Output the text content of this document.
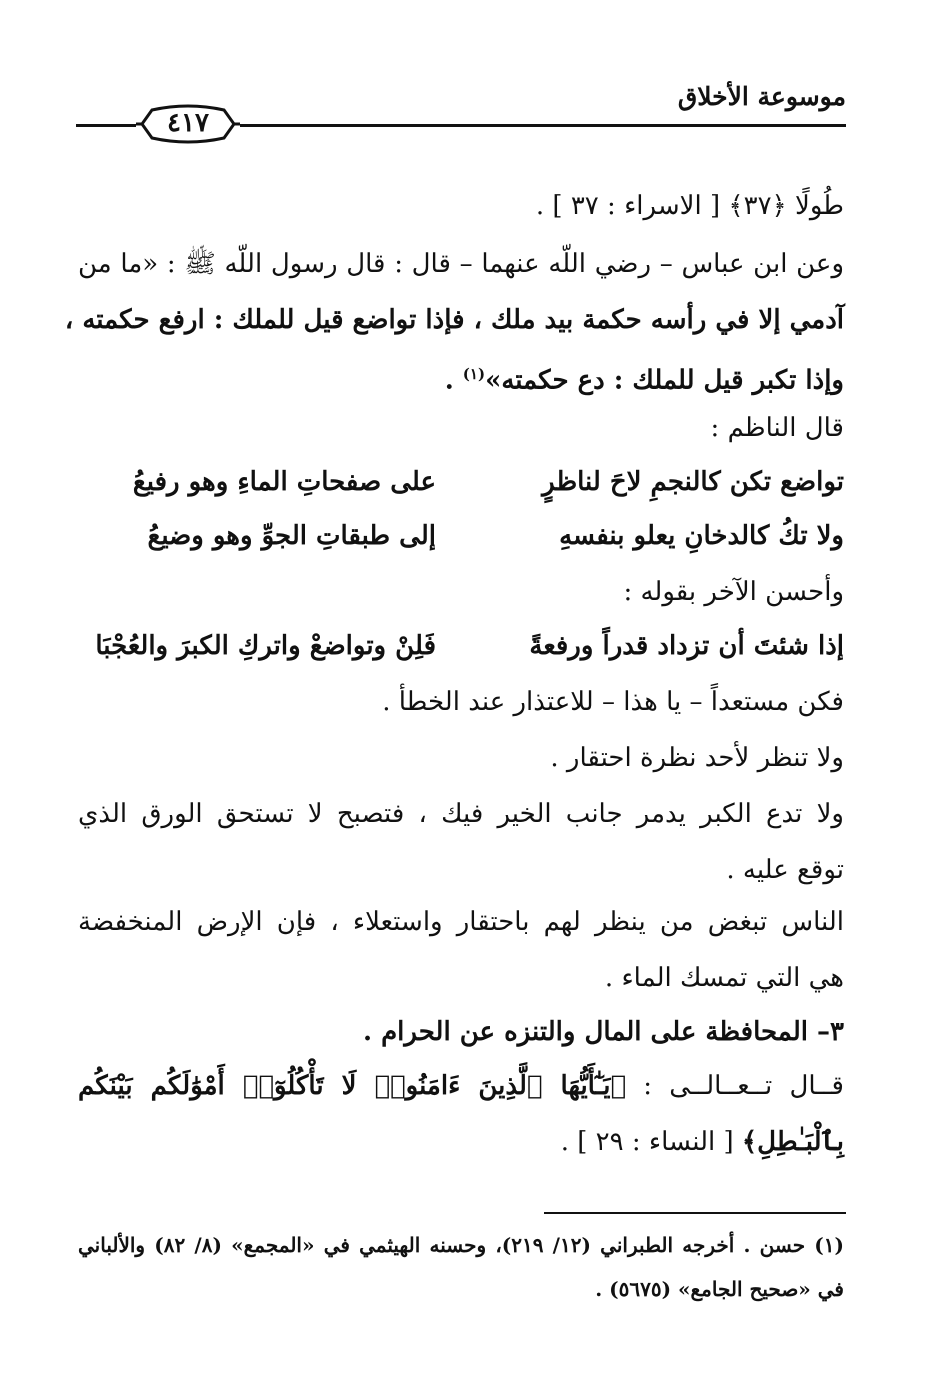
موسوعة الأخلاق
٤١٧
طُولًا ﴿٣٧﴾ [ الاسراء : ٣٧ ] .
وعن ابن عباس – رضي اللّه عنهما – قال : قال رسول اللّه ﷺ : «ما من
آدمي إلا في رأسه حكمة بيد ملك ، فإذا تواضع قيل للملك : ارفع حكمته ،
وإذا تكبر قيل للملك : دع حكمته»$^{(١)}$ .
قال الناظم :
تواضع تكن كالنجمِ لاحَ لناظرٍ
على صفحاتِ الماءِ وهو رفيعُ
ولا تكُ كالدخانِ يعلو بنفسهِ
إلى طبقاتِ الجوِّ وهو وضيعُ
وأحسن الآخر بقوله :
إذا شئتَ أن تزداد قدراً ورفعةً
فَلِنْ وتواضعْ واتركِ الكبرَ والعُجْبَا
فكن مستعداً – يا هذا – للاعتذار عند الخطأ .
ولا تنظر لأحد نظرة احتقار .
ولا تدع الكبر يدمر جانب الخير فيك ، فتصبح لا تستحق الورق الذي
توقع عليه .
الناس تبغض من ينظر لهم باحتقار واستعلاء ، فإن الإرض المنخفضة
هي التي تمسك الماء .
٣– المحافظة على المال والتنزه عن الحرام .
قــال تــعــالــى : ﴿يَـٰٓأَيُّهَا ٱلَّذِينَ ءَامَنُوا۟ لَا تَأْكُلُوٓا۟ أَمْوَٰلَكُم بَيْنَكُم
بِٱلْبَـٰطِلِ﴾ [ النساء : ٢٩ ] .
(١) حسن . أخرجه الطبراني (١٢/ ٢١٩)، وحسنه الهيثمي في «المجمع» (٨/ ٨٢) والألباني
في «صحيح الجامع» (٥٦٧٥) .
